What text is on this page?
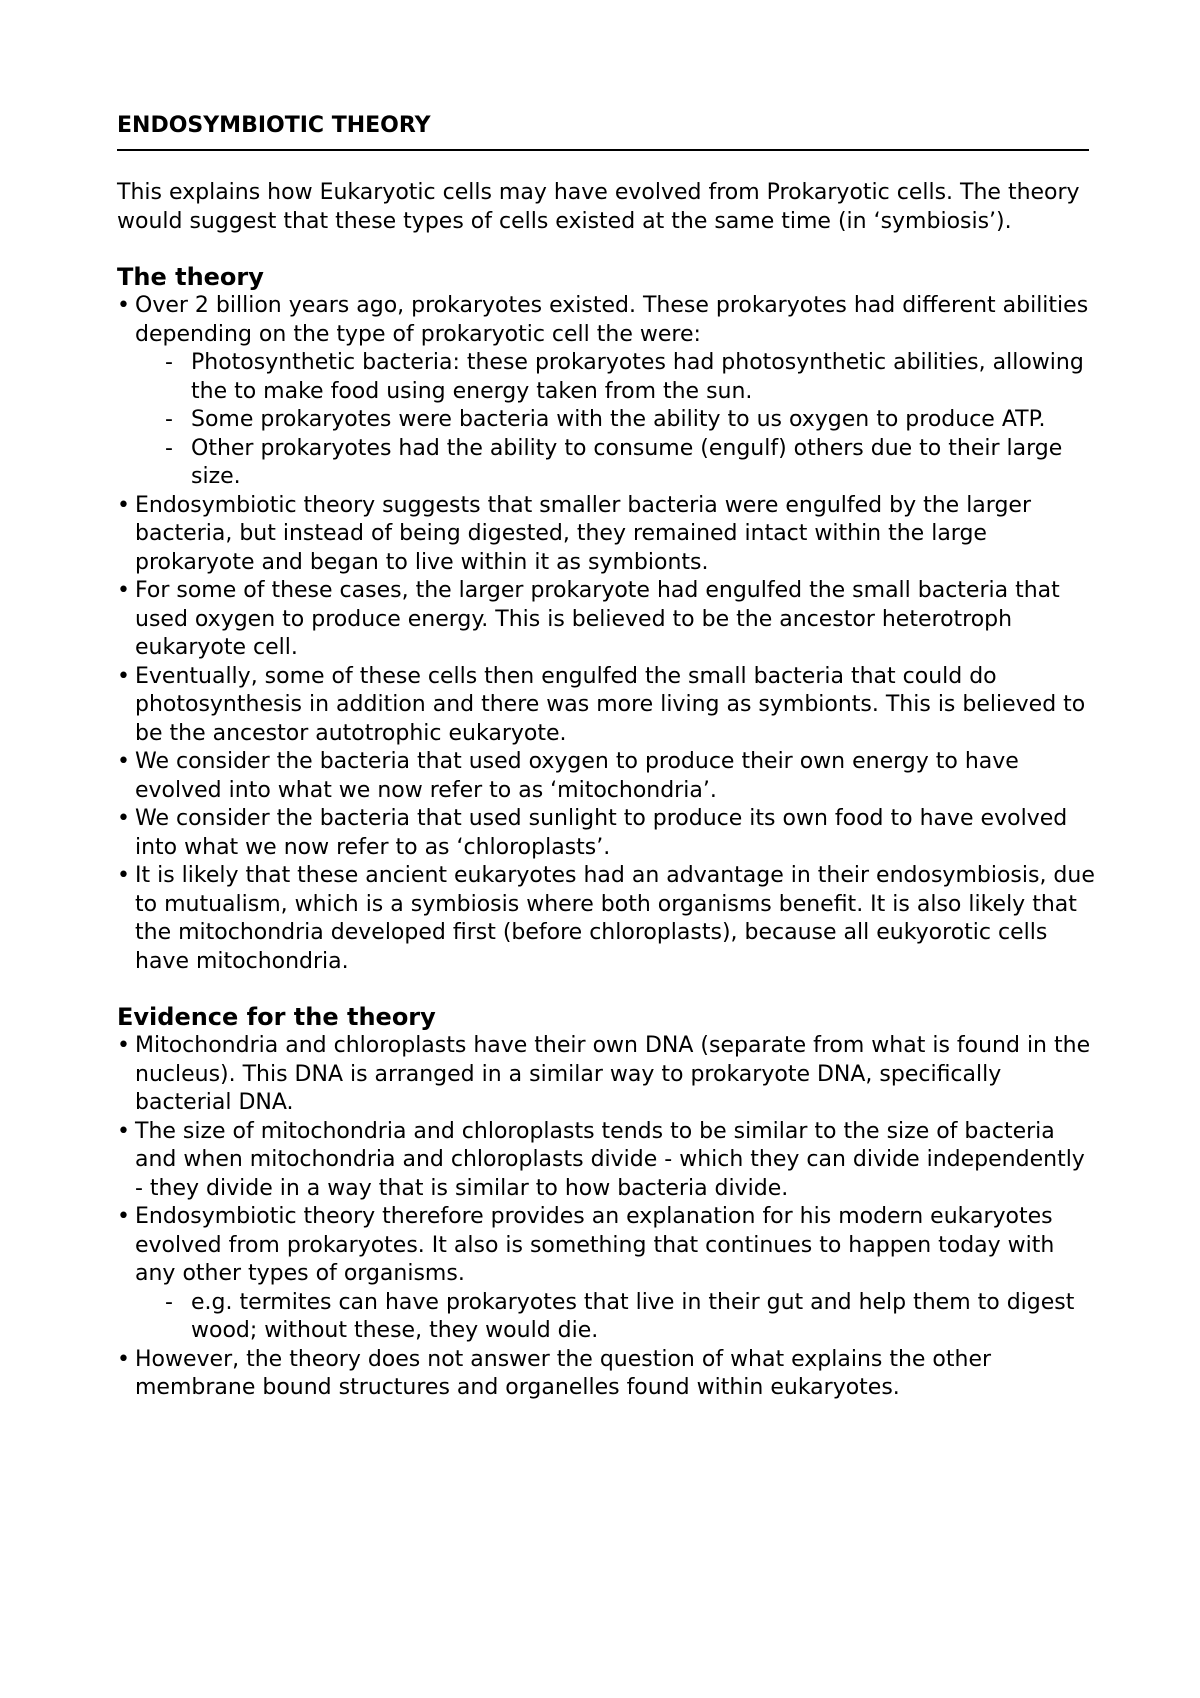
ENDOSYMBIOTIC THEORY

This explains how Eukaryotic cells may have evolved from Prokaryotic cells. The theory would suggest that these types of cells existed at the same time (in ‘symbiosis’).

The theory
• Over 2 billion years ago, prokaryotes existed. These prokaryotes had different abilities depending on the type of prokaryotic cell the were:
- Photosynthetic bacteria: these prokaryotes had photosynthetic abilities, allowing the to make food using energy taken from the sun.
- Some prokaryotes were bacteria with the ability to us oxygen to produce ATP.
- Other prokaryotes had the ability to consume (engulf) others due to their large size.
• Endosymbiotic theory suggests that smaller bacteria were engulfed by the larger bacteria, but instead of being digested, they remained intact within the large prokaryote and began to live within it as symbionts.
• For some of these cases, the larger prokaryote had engulfed the small bacteria that used oxygen to produce energy. This is believed to be the ancestor heterotroph eukaryote cell.
• Eventually, some of these cells then engulfed the small bacteria that could do photosynthesis in addition and there was more living as symbionts. This is believed to be the ancestor autotrophic eukaryote.
• We consider the bacteria that used oxygen to produce their own energy to have evolved into what we now refer to as ‘mitochondria’.
• We consider the bacteria that used sunlight to produce its own food to have evolved into what we now refer to as ‘chloroplasts’.
• It is likely that these ancient eukaryotes had an advantage in their endosymbiosis, due to mutualism, which is a symbiosis where both organisms benefit. It is also likely that the mitochondria developed first (before chloroplasts), because all eukyorotic cells have mitochondria.
Evidence for the theory
• Mitochondria and chloroplasts have their own DNA (separate from what is found in the nucleus). This DNA is arranged in a similar way to prokaryote DNA, specifically bacterial DNA.
• The size of mitochondria and chloroplasts tends to be similar to the size of bacteria and when mitochondria and chloroplasts divide - which they can divide independently - they divide in a way that is similar to how bacteria divide.
• Endosymbiotic theory therefore provides an explanation for his modern eukaryotes evolved from prokaryotes. It also is something that continues to happen today with any other types of organisms.
- e.g. termites can have prokaryotes that live in their gut and help them to digest wood; without these, they would die.
• However, the theory does not answer the question of what explains the other membrane bound structures and organelles found within eukaryotes.
